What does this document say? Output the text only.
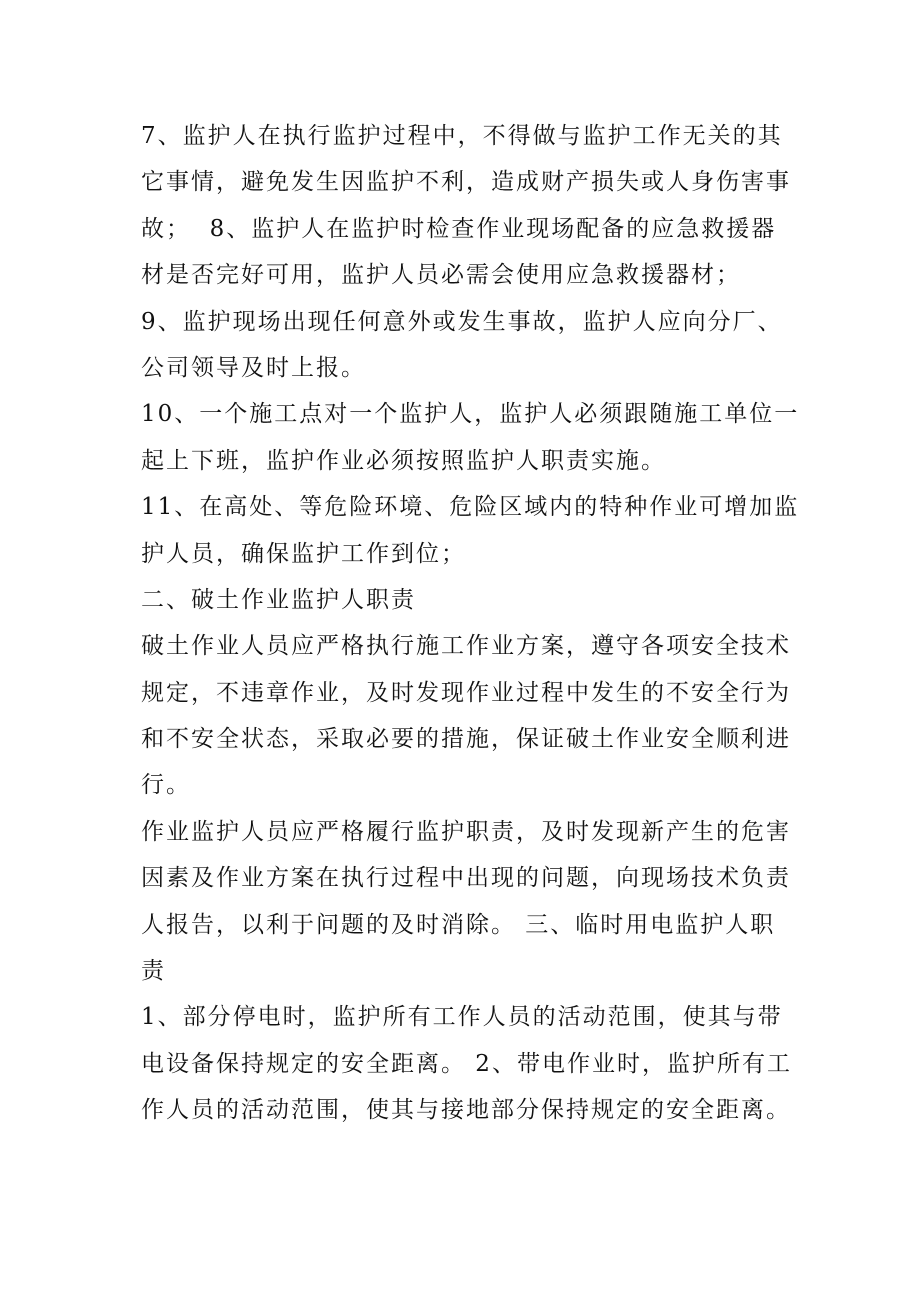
7、监护人在执行监护过程中，不得做与监护工作无关的其
它事情，避免发生因监护不利，造成财产损失或人身伤害事
故；  8、监护人在监护时检查作业现场配备的应急救援器
材是否完好可用，监护人员必需会使用应急救援器材；
9、监护现场出现任何意外或发生事故，监护人应向分厂、
公司领导及时上报。
10、一个施工点对一个监护人，监护人必须跟随施工单位一
起上下班，监护作业必须按照监护人职责实施。
11、在高处、等危险环境、危险区域内的特种作业可增加监
护人员，确保监护工作到位；
二、破土作业监护人职责
破土作业人员应严格执行施工作业方案，遵守各项安全技术
规定，不违章作业，及时发现作业过程中发生的不安全行为
和不安全状态，采取必要的措施，保证破土作业安全顺利进
行。
作业监护人员应严格履行监护职责，及时发现新产生的危害
因素及作业方案在执行过程中出现的问题，向现场技术负责
人报告，以利于问题的及时消除。 三、临时用电监护人职
责
1、部分停电时，监护所有工作人员的活动范围，使其与带
电设备保持规定的安全距离。 2、带电作业时，监护所有工
作人员的活动范围，使其与接地部分保持规定的安全距离。
